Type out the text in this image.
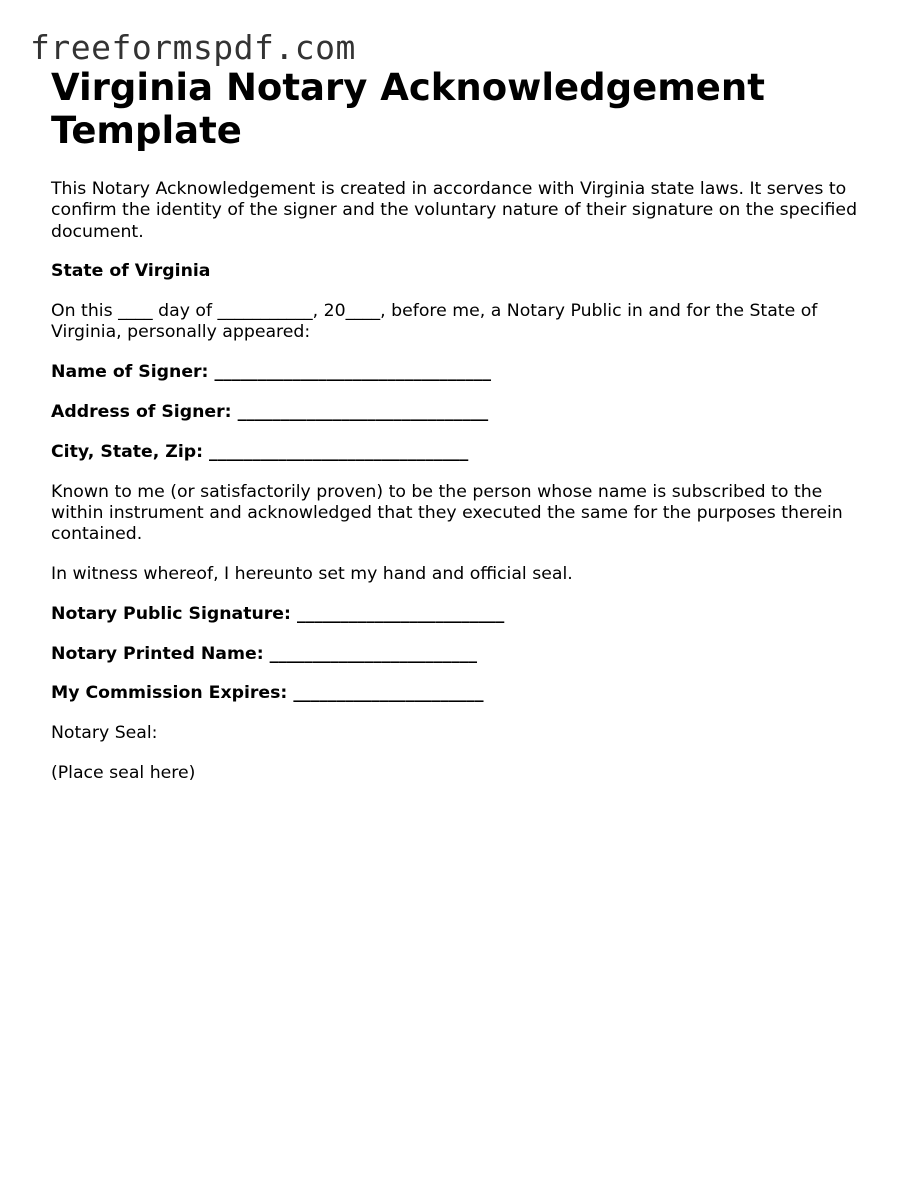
freeformspdf.com
Virginia Notary Acknowledgement Template

This Notary Acknowledgement is created in accordance with Virginia state laws. It serves to confirm the identity of the signer and the voluntary nature of their signature on the specified document.

State of Virginia

On this ____ day of ___________, 20____, before me, a Notary Public in and for the State of Virginia, personally appeared:

Name of Signer: ________________________________

Address of Signer: _____________________________

City, State, Zip: ______________________________

Known to me (or satisfactorily proven) to be the person whose name is subscribed to the within instrument and acknowledged that they executed the same for the purposes therein contained.

In witness whereof, I hereunto set my hand and official seal.

Notary Public Signature: ________________________

Notary Printed Name: ________________________

My Commission Expires: ______________________

Notary Seal:

(Place seal here)
